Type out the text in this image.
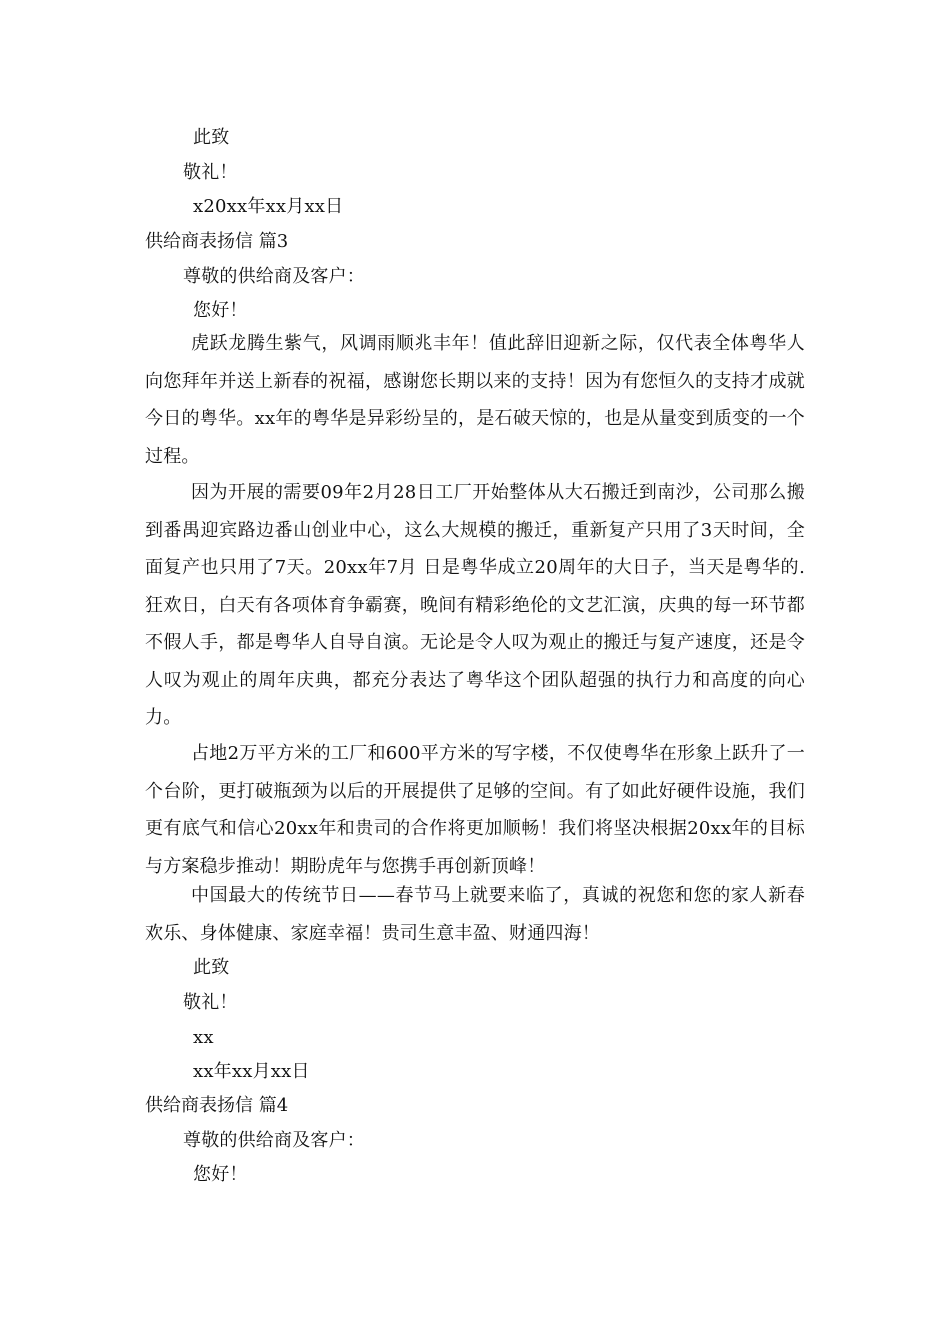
此致
敬礼！
x20xx年xx月xx日
供给商表扬信 篇3
尊敬的供给商及客户：
您好！
虎跃龙腾生紫气，风调雨顺兆丰年！值此辞旧迎新之际，仅代表全体粤华人向您拜年并送上新春的祝福，感谢您长期以来的支持！因为有您恒久的支持才成就今日的粤华。xx年的粤华是异彩纷呈的，是石破天惊的，也是从量变到质变的一个过程。
因为开展的需要09年2月28日工厂开始整体从大石搬迁到南沙，公司那么搬到番禺迎宾路边番山创业中心，这么大规模的搬迁，重新复产只用了3天时间，全面复产也只用了7天。20xx年7月 日是粤华成立20周年的大日子，当天是粤华的.狂欢日，白天有各项体育争霸赛，晚间有精彩绝伦的文艺汇演，庆典的每一环节都不假人手，都是粤华人自导自演。无论是令人叹为观止的搬迁与复产速度，还是令人叹为观止的周年庆典，都充分表达了粤华这个团队超强的执行力和高度的向心力。
占地2万平方米的工厂和600平方米的写字楼，不仅使粤华在形象上跃升了一个台阶，更打破瓶颈为以后的开展提供了足够的空间。有了如此好硬件设施，我们更有底气和信心20xx年和贵司的合作将更加顺畅！我们将坚决根据20xx年的目标与方案稳步推动！期盼虎年与您携手再创新顶峰！
中国最大的传统节日——春节马上就要来临了，真诚的祝您和您的家人新春欢乐、身体健康、家庭幸福！贵司生意丰盈、财通四海！
此致
敬礼！
xx
xx年xx月xx日
供给商表扬信 篇4
尊敬的供给商及客户：
您好！
